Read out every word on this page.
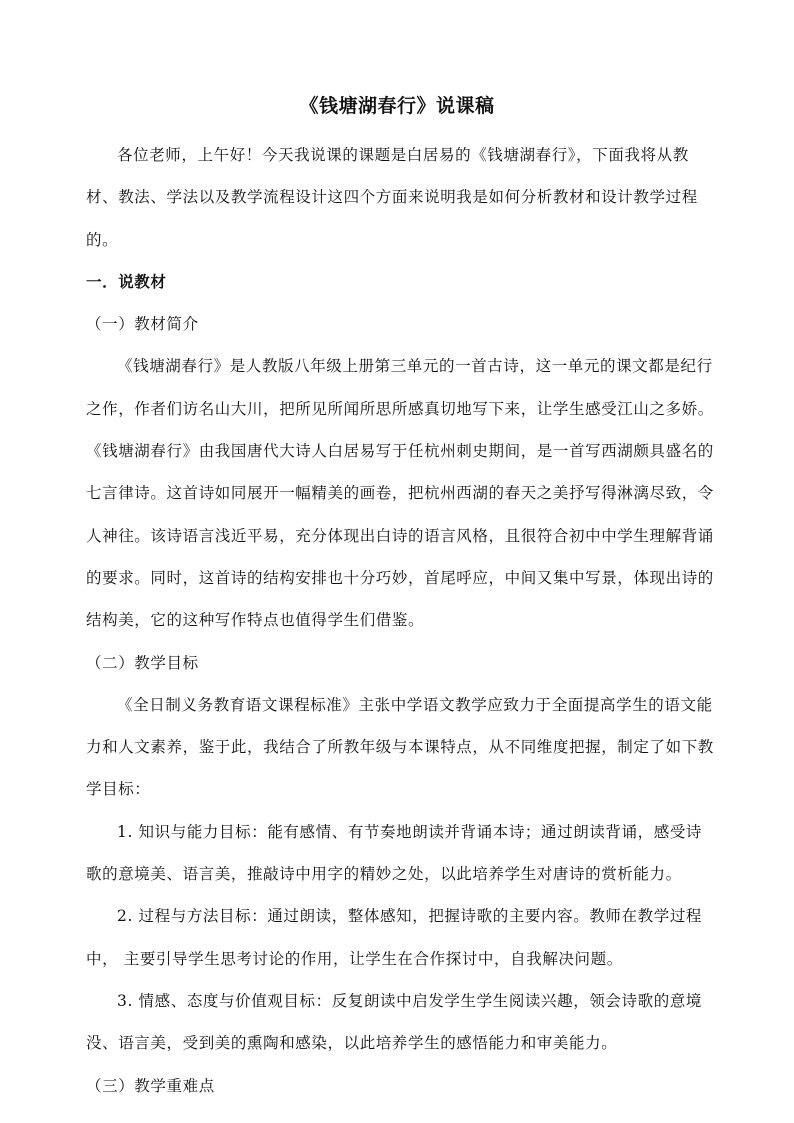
《钱塘湖春行》说课稿

各位老师，上午好！今天我说课的课题是白居易的《钱塘湖春行》，下面我将从教材、教法、学法以及教学流程设计这四个方面来说明我是如何分析教材和设计教学过程的。

一．说教材

（一）教材简介

《钱塘湖春行》是人教版八年级上册第三单元的一首古诗，这一单元的课文都是纪行之作，作者们访名山大川，把所见所闻所思所感真切地写下来，让学生感受江山之多娇。

《钱塘湖春行》由我国唐代大诗人白居易写于任杭州刺史期间，是一首写西湖颇具盛名的七言律诗。这首诗如同展开一幅精美的画卷，把杭州西湖的春天之美抒写得淋漓尽致，令人神往。该诗语言浅近平易，充分体现出白诗的语言风格，且很符合初中中学生理解背诵的要求。同时，这首诗的结构安排也十分巧妙，首尾呼应，中间又集中写景，体现出诗的结构美，它的这种写作特点也值得学生们借鉴。

（二）教学目标

《全日制义务教育语文课程标准》主张中学语文教学应致力于全面提高学生的语文能力和人文素养，鉴于此，我结合了所教年级与本课特点，从不同维度把握，制定了如下教学目标：

1. 知识与能力目标：能有感情、有节奏地朗读并背诵本诗；通过朗读背诵，感受诗歌的意境美、语言美，推敲诗中用字的精妙之处，以此培养学生对唐诗的赏析能力。

2. 过程与方法目标：通过朗读，整体感知，把握诗歌的主要内容。教师在教学过程中， 主要引导学生思考讨论的作用，让学生在合作探讨中，自我解决问题。

3. 情感、态度与价值观目标：反复朗读中启发学生学生阅读兴趣，领会诗歌的意境没、语言美，受到美的熏陶和感染，以此培养学生的感悟能力和审美能力。

（三）教学重难点
